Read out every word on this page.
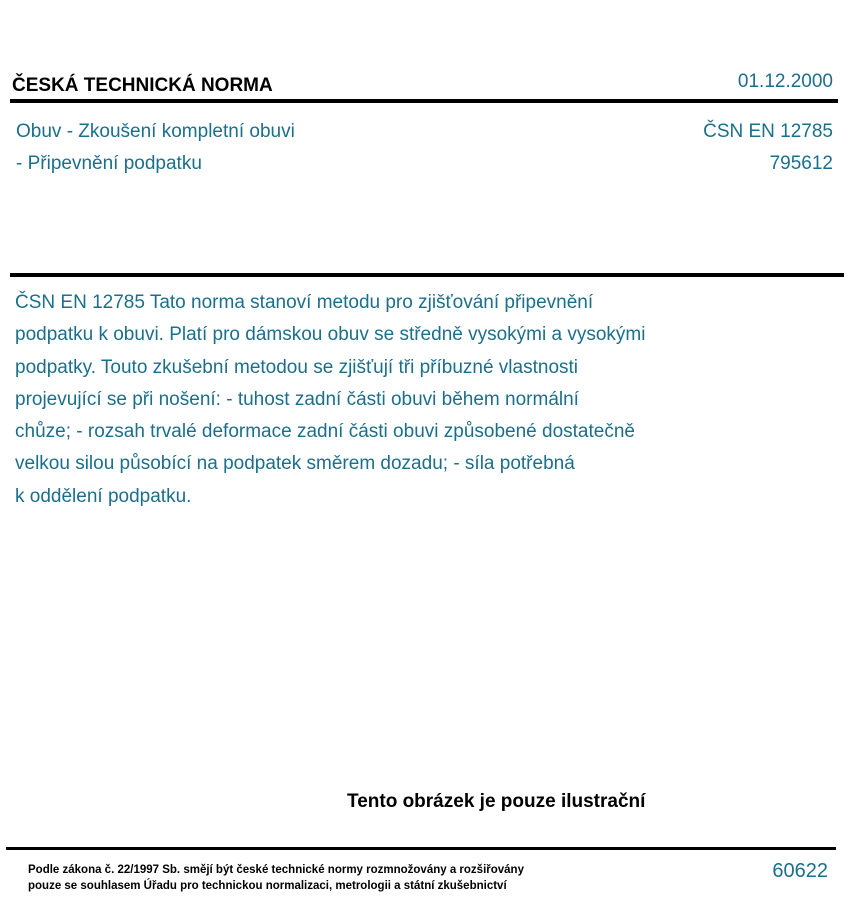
ČESKÁ TECHNICKÁ NORMA	01.12.2000
Obuv - Zkoušení kompletní obuvi
- Připevnění podpatku
ČSN EN 12785
795612
ČSN EN 12785 Tato norma stanoví metodu pro zjišťování připevnění
podpatku k obuvi. Platí pro dámskou obuv se středně vysokými a vysokými
podpatky. Touto zkušební metodou se zjišťují tři příbuzné vlastnosti
projevující se při nošení: - tuhost zadní části obuvi během normální
chůze; - rozsah trvalé deformace zadní části obuvi způsobené dostatečně
velkou silou působící na podpatek směrem dozadu; - síla potřebná
k oddělení podpatku.
Tento obrázek je pouze ilustrační
Podle zákona č. 22/1997 Sb. smějí být české technické normy rozmnožovány a rozšiřovány
pouze se souhlasem Úřadu pro technickou normalizaci, metrologii a státní zkušebnictví
60622
